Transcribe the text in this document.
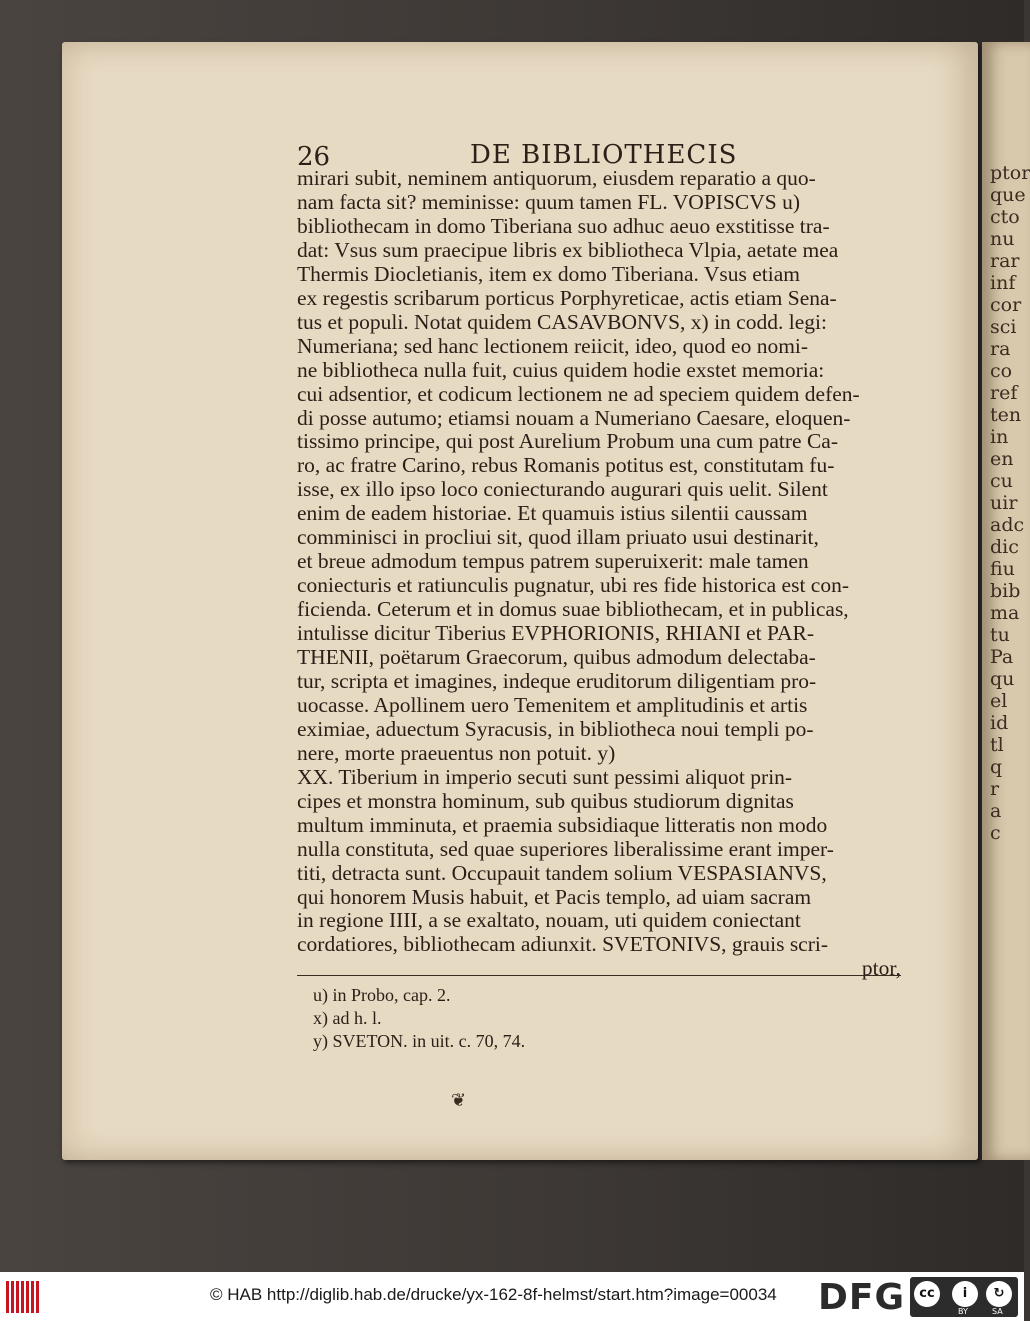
ptor
que
cto
nu
rar
inf
cor
sci
ra
co
ref
ten
in
en
cu
uir
adc
dic
fiu
bib
ma
tu
Pa
qu
el
id
tl
q
r
a
c
26	DE BIBLIOTHECIS
mirari subit, neminem antiquorum, eiusdem reparatio a quo-
nam facta sit? meminisse: quum tamen FL. VOPISCVS u)
bibliothecam in domo Tiberiana suo adhuc aeuo exstitisse tra-
dat: Vsus sum praecipue libris ex bibliotheca Vlpia, aetate mea
Thermis Diocletianis, item ex domo Tiberiana. Vsus etiam
ex regestis scribarum porticus Porphyreticae, actis etiam Sena-
tus et populi. Notat quidem CASAVBONVS, x) in codd. legi:
Numeriana; sed hanc lectionem reiicit, ideo, quod eo nomi-
ne bibliotheca nulla fuit, cuius quidem hodie exstet memoria:
cui adsentior, et codicum lectionem ne ad speciem quidem defen-
di posse autumo; etiamsi nouam a Numeriano Caesare, eloquen-
tissimo principe, qui post Aurelium Probum una cum patre Ca-
ro, ac fratre Carino, rebus Romanis potitus est, constitutam fu-
isse, ex illo ipso loco coniecturando augurari quis uelit. Silent
enim de eadem historiae. Et quamuis istius silentii caussam
comminisci in procliui sit, quod illam priuato usui destinarit,
et breue admodum tempus patrem superuixerit: male tamen
coniecturis et ratiunculis pugnatur, ubi res fide historica est con-
ficienda. Ceterum et in domus suae bibliothecam, et in publicas,
intulisse dicitur Tiberius EVPHORIONIS, RHIANI et PAR-
THENII, poëtarum Graecorum, quibus admodum delectaba-
tur, scripta et imagines, indeque eruditorum diligentiam pro-
uocasse. Apollinem uero Temenitem et amplitudinis et artis
eximiae, aduectum Syracusis, in bibliotheca noui templi po-
nere, morte praeuentus non potuit. y)
XX. Tiberium in imperio secuti sunt pessimi aliquot prin-
cipes et monstra hominum, sub quibus studiorum dignitas
multum imminuta, et praemia subsidiaque litteratis non modo
nulla constituta, sed quae superiores liberalissime erant imper-
titi, detracta sunt. Occupauit tandem solium VESPASIANVS,
qui honorem Musis habuit, et Pacis templo, ad uiam sacram
in regione IIII, a se exaltato, nouam, uti quidem coniectant
cordatiores, bibliothecam adiunxit. SVETONIVS, grauis scri-
ptor,
u) in Probo, cap. 2.
x) ad h. l.
y) SVETON. in uit. c. 70, 74.
❦
© HAB http://diglib.hab.de/drucke/yx-162-8f-helmst/start.htm?image=00034 DFG	cc	i	↻
BY	SA
